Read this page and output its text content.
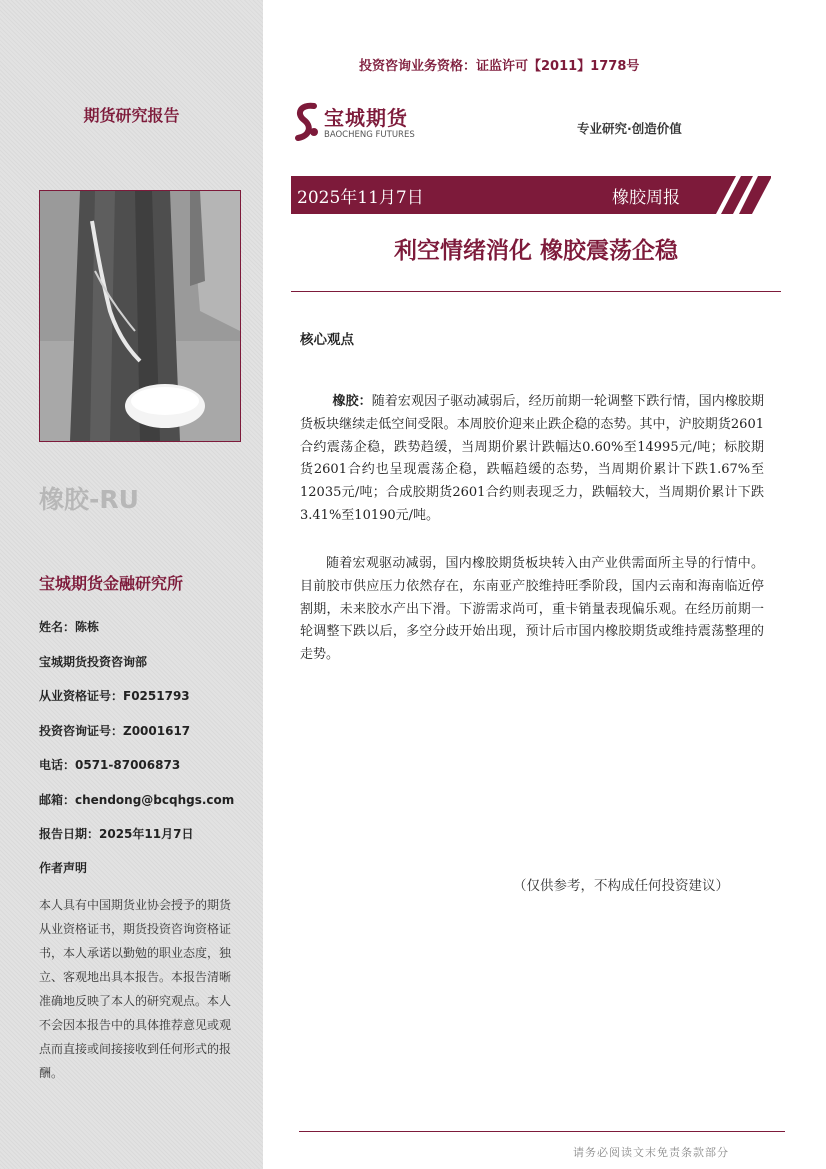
期货研究报告
橡胶-RU
宝城期货金融研究所
姓名：陈栋
宝城期货投资咨询部
从业资格证号：F0251793
投资咨询证号：Z0001617
电话：0571-87006873
邮箱：chendong@bcqhgs.com
报告日期：2025年11月7日
作者声明
本人具有中国期货业协会授予的期货从业资格证书，期货投资咨询资格证书，本人承诺以勤勉的职业态度，独立、客观地出具本报告。本报告清晰准确地反映了本人的研究观点。本人不会因本报告中的具体推荐意见或观点而直接或间接接收到任何形式的报酬。
投资咨询业务资格：证监许可【2011】1778号
宝城期货
BAOCHENG FUTURES	专业研究·创造价值
2025年11月7日	橡胶周报
利空情绪消化 橡胶震荡企稳
核心观点

橡胶：随着宏观因子驱动减弱后，经历前期一轮调整下跌行情，国内橡胶期货板块继续走低空间受限。本周胶价迎来止跌企稳的态势。其中，沪胶期货2601合约震荡企稳，跌势趋缓，当周期价累计跌幅达0.60%至14995元/吨；标胶期货2601合约也呈现震荡企稳，跌幅趋缓的态势，当周期价累计下跌1.67%至12035元/吨；合成胶期货2601合约则表现乏力，跌幅较大，当周期价累计下跌3.41%至10190元/吨。

随着宏观驱动减弱，国内橡胶期货板块转入由产业供需面所主导的行情中。目前胶市供应压力依然存在，东南亚产胶维持旺季阶段，国内云南和海南临近停割期，未来胶水产出下滑。下游需求尚可，重卡销量表现偏乐观。在经历前期一轮调整下跌以后，多空分歧开始出现，预计后市国内橡胶期货或维持震荡整理的走势。

（仅供参考，不构成任何投资建议）
请务必阅读文末免责条款部分
